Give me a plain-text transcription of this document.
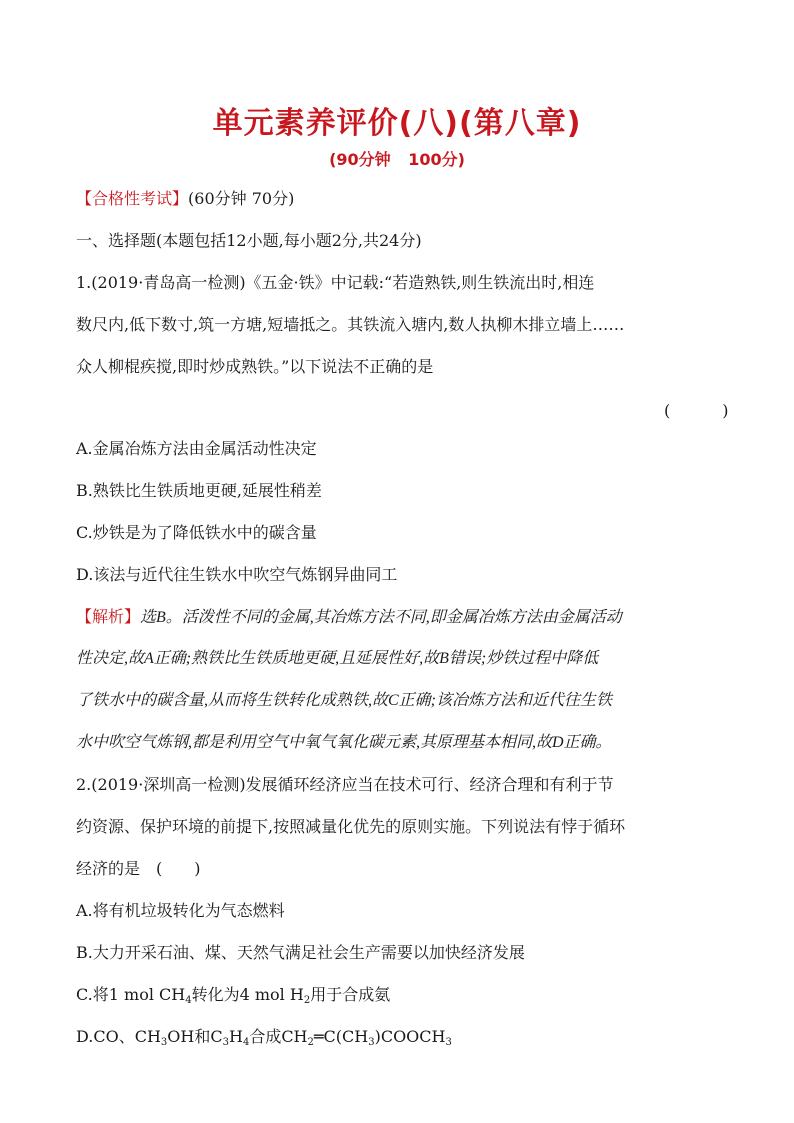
单元素养评价(八)(第八章)
(90分钟 100分)
【合格性考试】(60分钟 70分)
一、选择题(本题包括12小题,每小题2分,共24分)
1.(2019·青岛高一检测)《五金·铁》中记载:“若造熟铁,则生铁流出时,相连
数尺内,低下数寸,筑一方塘,短墙抵之。其铁流入塘内,数人执柳木排立墙上……
众人柳棍疾搅,即时炒成熟铁。”以下说法不正确的是
(　)
A.金属冶炼方法由金属活动性决定
B.熟铁比生铁质地更硬,延展性稍差
C.炒铁是为了降低铁水中的碳含量
D.该法与近代往生铁水中吹空气炼钢异曲同工
【解析】选B。活泼性不同的金属,其冶炼方法不同,即金属冶炼方法由金属活动
性决定,故A正确;熟铁比生铁质地更硬,且延展性好,故B错误;炒铁过程中降低
了铁水中的碳含量,从而将生铁转化成熟铁,故C正确;该冶炼方法和近代往生铁
水中吹空气炼钢,都是利用空气中氧气氧化碳元素,其原理基本相同,故D正确。
2.(2019·深圳高一检测)发展循环经济应当在技术可行、经济合理和有利于节
约资源、保护环境的前提下,按照减量化优先的原则实施。下列说法有悖于循环
经济的是　(　　)
A.将有机垃圾转化为气态燃料
B.大力开采石油、煤、天然气满足社会生产需要以加快经济发展
C.将1 mol $CH_4$转化为4 mol $H_2$用于合成氨
D.CO、$CH_3OH$和$C_3H_4$合成$CH_2═C(CH_3)COOCH_3$
